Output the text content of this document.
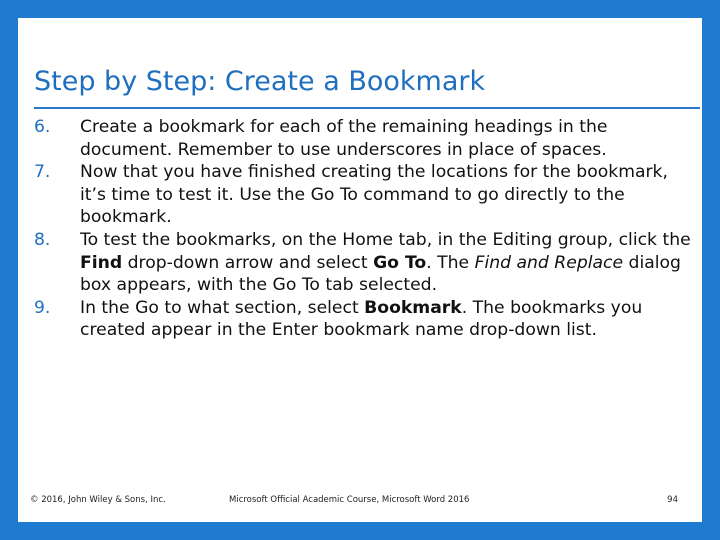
Step by Step: Create a Bookmark
6. Create a bookmark for each of the remaining headings in the document. Remember to use underscores in place of spaces.
7. Now that you have finished creating the locations for the bookmark, it’s time to test it. Use the Go To command to go directly to the bookmark.
8. To test the bookmarks, on the Home tab, in the Editing group, click the Find drop-down arrow and select Go To. The Find and Replace dialog box appears, with the Go To tab selected.
9. In the Go to what section, select Bookmark. The bookmarks you created appear in the Enter bookmark name drop-down list.
© 2016, John Wiley & Sons, Inc.	Microsoft Official Academic Course, Microsoft Word 2016	94
